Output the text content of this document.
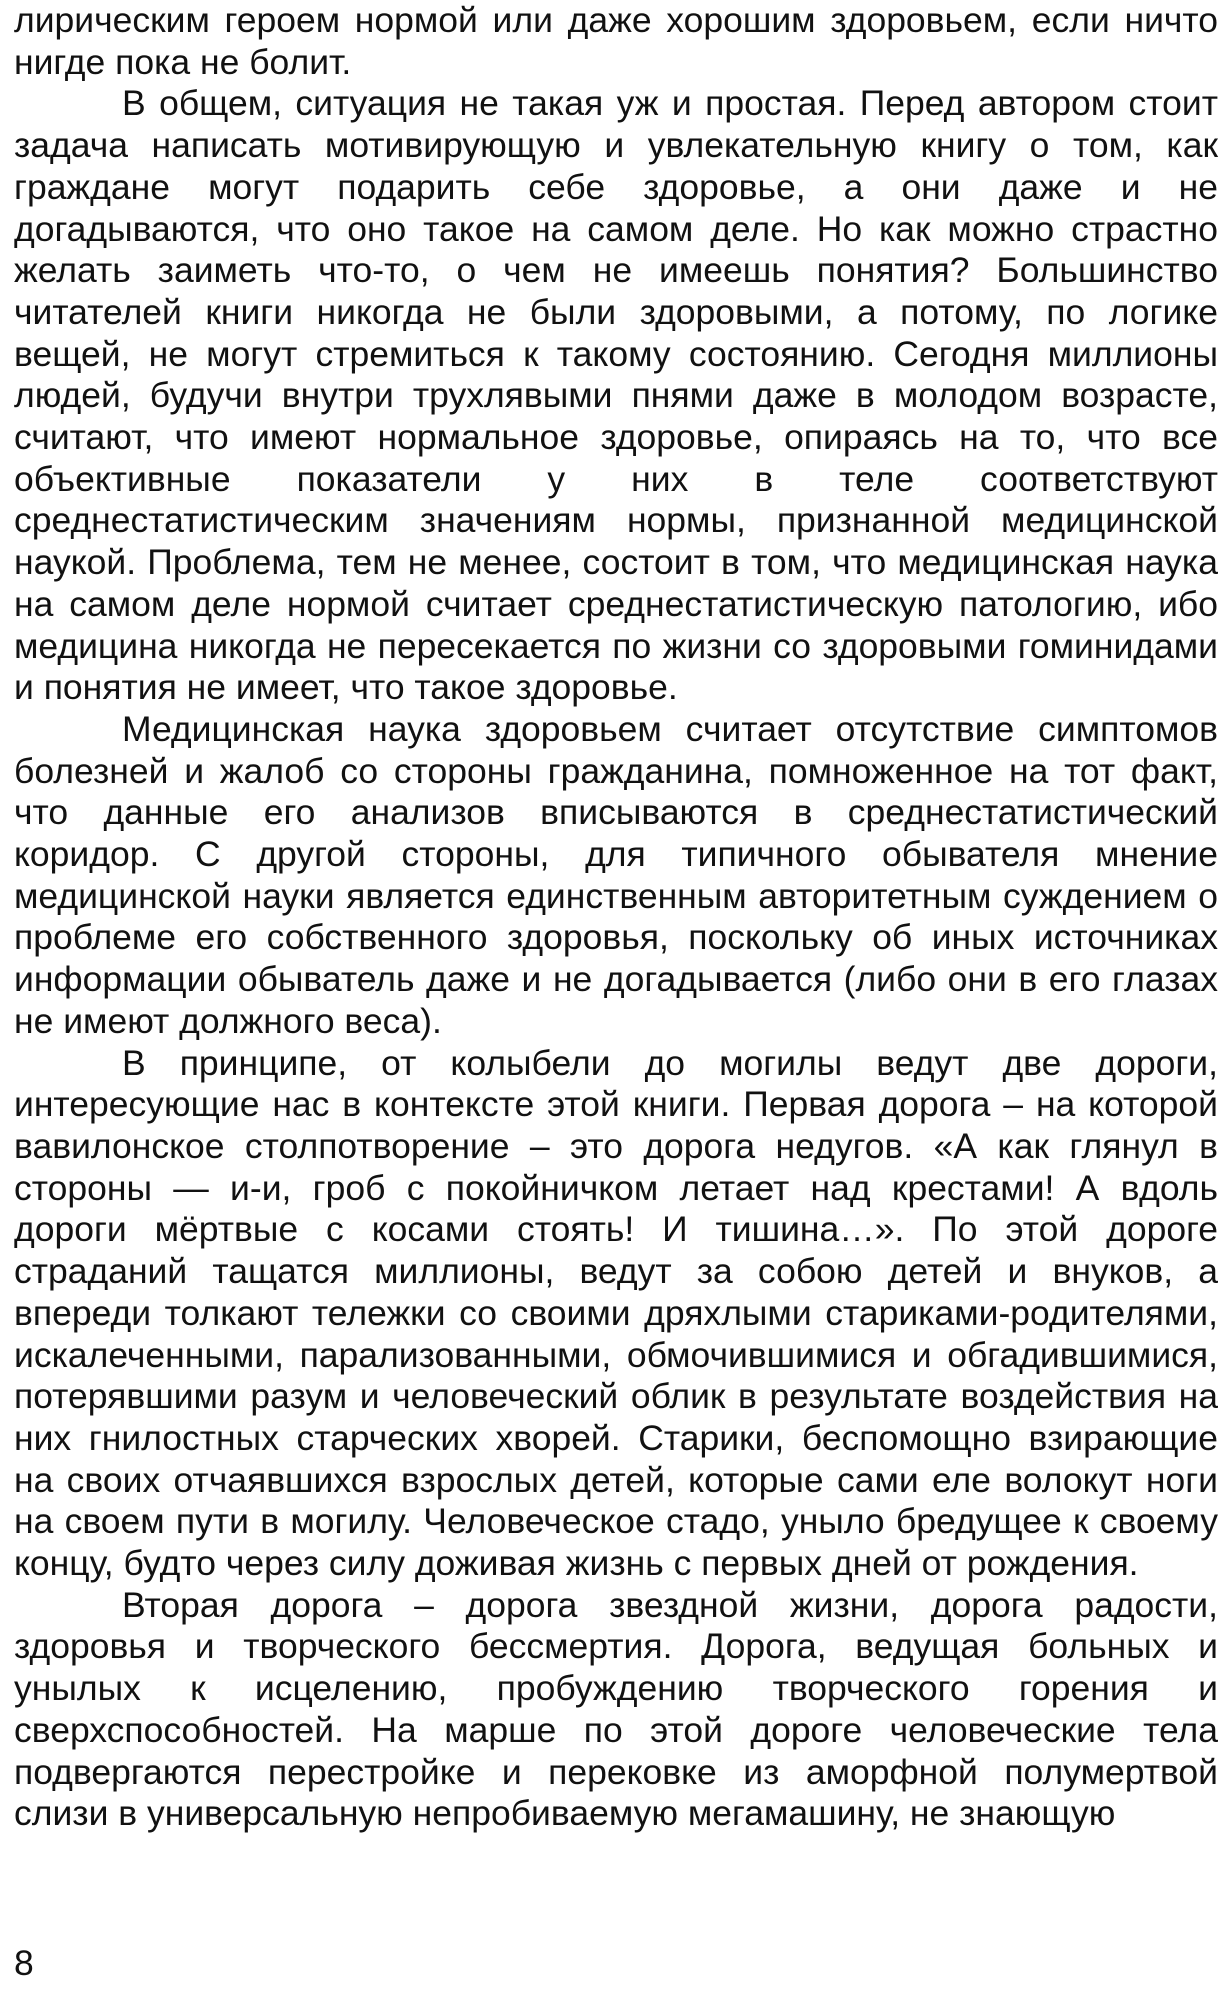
лирическим героем нормой или даже хорошим здоровьем, если ничто нигде пока не болит.

В общем, ситуация не такая уж и простая. Перед автором стоит задача написать мотивирующую и увлекательную книгу о том, как граждане могут подарить себе здоровье, а они даже и не догадываются, что оно такое на самом деле. Но как можно страстно желать заиметь что-то, о чем не имеешь понятия? Большинство читателей книги никогда не были здоровыми, а потому, по логике вещей, не могут стремиться к такому состоянию. Сегодня миллионы людей, будучи внутри трухлявыми пнями даже в молодом возрасте, считают, что имеют нормальное здоровье, опираясь на то, что все объективные показатели у них в теле соответствуют среднестатистическим значениям нормы, признанной медицинской наукой. Проблема, тем не менее, состоит в том, что медицинская наука на самом деле нормой считает среднестатистическую патологию, ибо медицина никогда не пересекается по жизни со здоровыми гоминидами и понятия не имеет, что такое здоровье.

Медицинская наука здоровьем считает отсутствие симптомов болезней и жалоб со стороны гражданина, помноженное на тот факт, что данные его анализов вписываются в среднестатистический коридор. С другой стороны, для типичного обывателя мнение медицинской науки является единственным авторитетным суждением о проблеме его собственного здоровья, поскольку об иных источниках информации обыватель даже и не догадывается (либо они в его глазах не имеют должного веса).

В принципе, от колыбели до могилы ведут две дороги, интересующие нас в контексте этой книги. Первая дорога – на которой вавилонское столпотворение – это дорога недугов. «А как глянул в стороны — и-и, гроб с покойничком летает над крестами! А вдоль дороги мёртвые с косами стоять! И тишина…». По этой дороге страданий тащатся миллионы, ведут за собою детей и внуков, а впереди толкают тележки со своими дряхлыми стариками-родителями, искалеченными, парализованными, обмочившимися и обгадившимися, потерявшими разум и человеческий облик в результате воздействия на них гнилостных старческих хворей. Старики, беспомощно взирающие на своих отчаявшихся взрослых детей, которые сами еле волокут ноги на своем пути в могилу. Человеческое стадо, уныло бредущее к своему концу, будто через силу доживая жизнь с первых дней от рождения.

Вторая дорога – дорога звездной жизни, дорога радости, здоровья и творческого бессмертия. Дорога, ведущая больных и унылых к исцелению, пробуждению творческого горения и сверхспособностей. На марше по этой дороге человеческие тела подвергаются перестройке и перековке из аморфной полумертвой слизи в универсальную непробиваемую мегамашину, не знающую

8
